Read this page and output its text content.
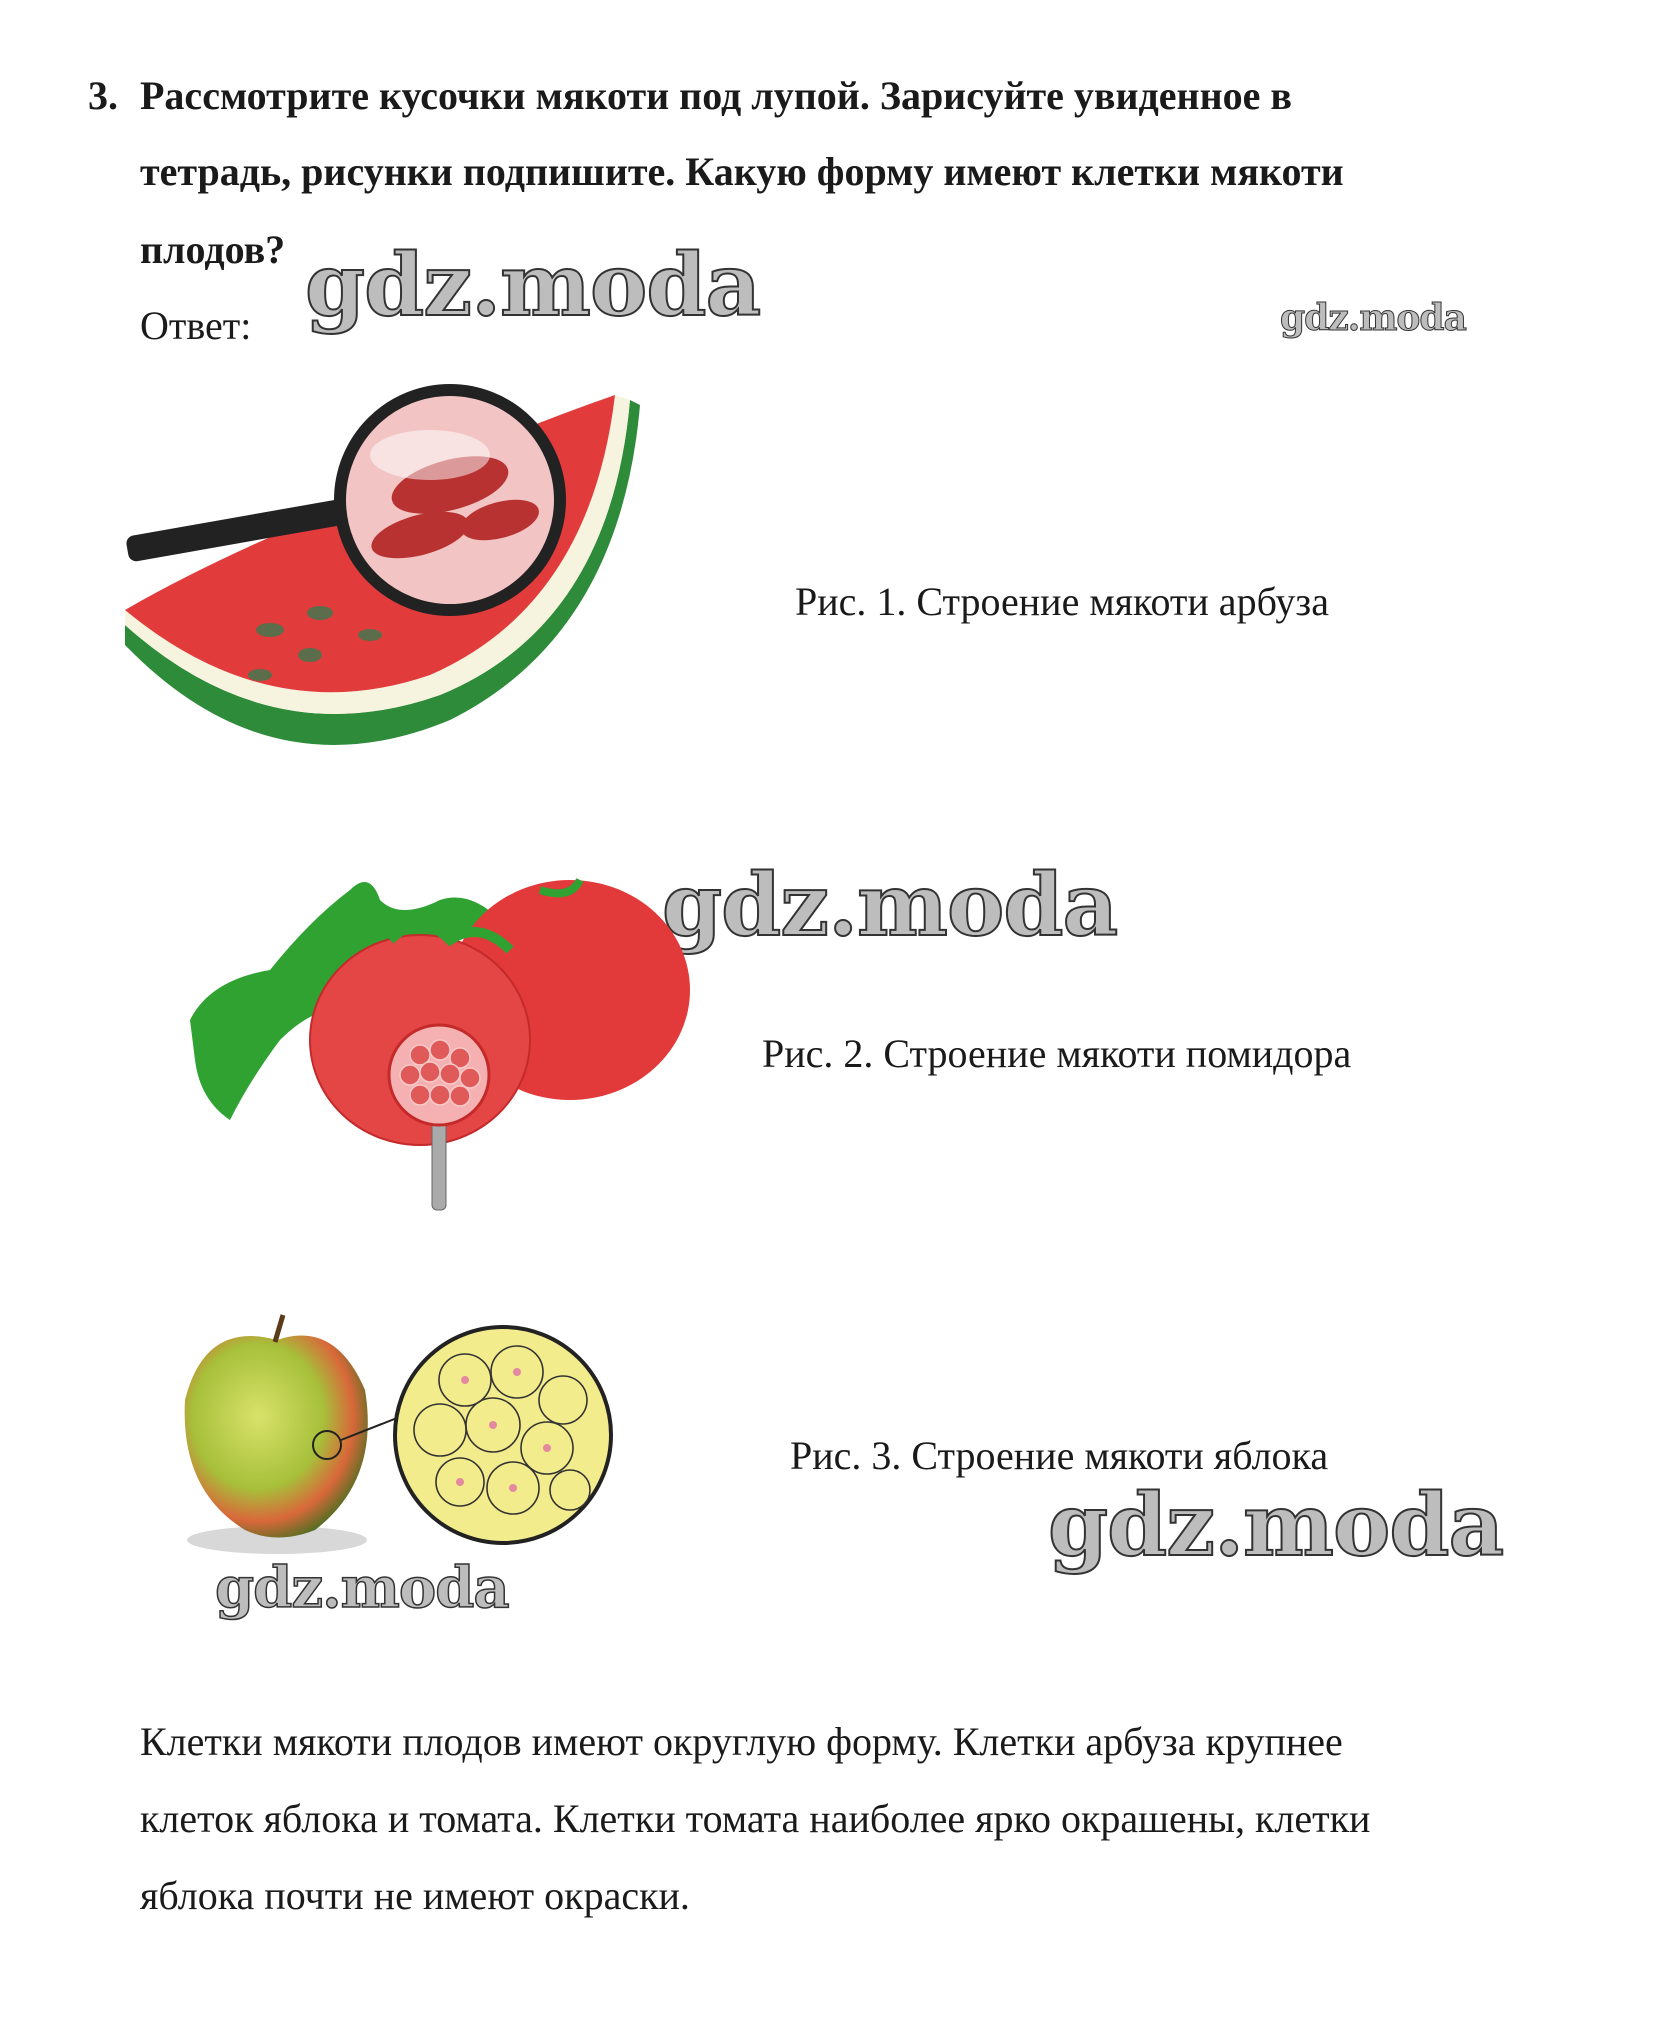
3. Рассмотрите кусочки мякоти под лупой. Зарисуйте увиденное в
тетрадь, рисунки подпишите. Какую форму имеют клетки мякоти
плодов?
Ответ: gdz.moda	gdz.moda
gdz.moda
gdz.moda
gdz.moda
Рис. 1. Строение мякоти арбуза
Рис. 2. Строение мякоти помидора
Рис. 3. Строение мякоти яблока
Клетки мякоти плодов имеют округлую форму. Клетки арбуза крупнее
клеток яблока и томата. Клетки томата наиболее ярко окрашены, клетки
яблока почти не имеют окраски.
